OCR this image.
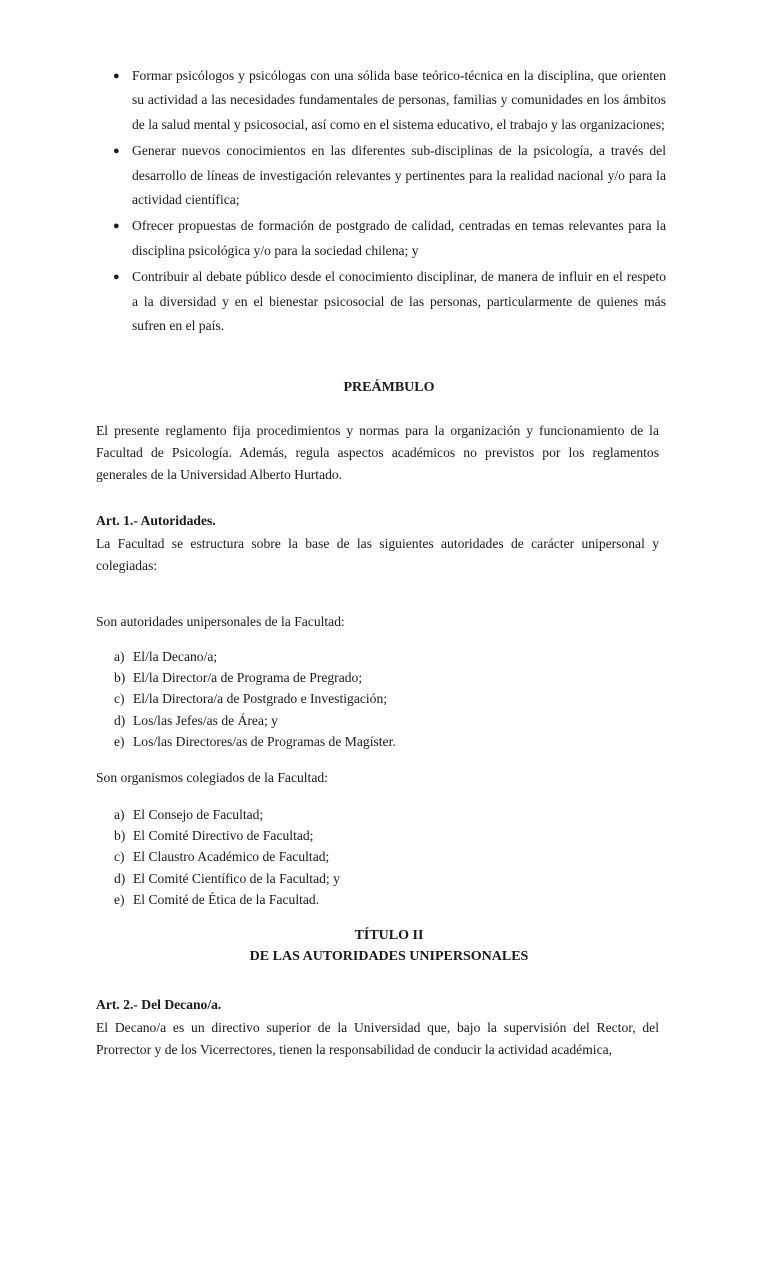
● Formar psicólogos y psicólogas con una sólida base teórico-técnica en la disciplina, que orienten su actividad a las necesidades fundamentales de personas, familias y comunidades en los ámbitos de la salud mental y psicosocial, así como en el sistema educativo, el trabajo y las organizaciones;
● Generar nuevos conocimientos en las diferentes sub-disciplinas de la psicología, a través del desarrollo de líneas de investigación relevantes y pertinentes para la realidad nacional y/o para la actividad científica;
● Ofrecer propuestas de formación de postgrado de calidad, centradas en temas relevantes para la disciplina psicológica y/o para la sociedad chilena; y
● Contribuir al debate público desde el conocimiento disciplinar, de manera de influir en el respeto a la diversidad y en el bienestar psicosocial de las personas, particularmente de quienes más sufren en el país.
PREÁMBULO

El presente reglamento fija procedimientos y normas para la organización y funcionamiento de la Facultad de Psicología. Además, regula aspectos académicos no previstos por los reglamentos generales de la Universidad Alberto Hurtado.

Art. 1.- Autoridades.

La Facultad se estructura sobre la base de las siguientes autoridades de carácter unipersonal y colegiadas:

Son autoridades unipersonales de la Facultad:

a) El/la Decano/a;
b) El/la Director/a de Programa de Pregrado;
c) El/la Directora/a de Postgrado e Investigación;
d) Los/las Jefes/as de Área; y
e) Los/las Directores/as de Programas de Magíster.

Son organismos colegiados de la Facultad:

a) El Consejo de Facultad;
b) El Comité Directivo de Facultad;
c) El Claustro Académico de Facultad;
d) El Comité Científico de la Facultad; y
e) El Comité de Ética de la Facultad.
TÍTULO II
DE LAS AUTORIDADES UNIPERSONALES

Art. 2.- Del Decano/a.

El Decano/a es un directivo superior de la Universidad que, bajo la supervisión del Rector, del Prorrector y de los Vicerrectores, tienen la responsabilidad de conducir la actividad académica,
